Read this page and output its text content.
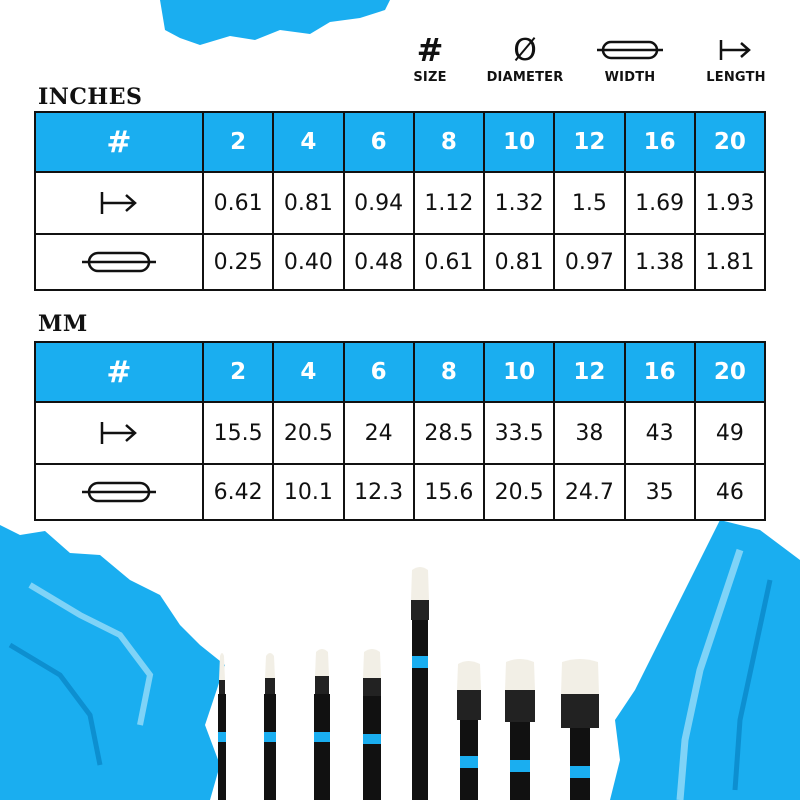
#
SIZE
Ø
DIAMETER	WIDTH	LENGTH
INCHES
#	2	4	6	8	10	12	16	20

	0.61	0.81	0.94	1.12	1.32	1.5	1.69	1.93

	0.25	0.40	0.48	0.61	0.81	0.97	1.38	1.81
MM
#	2	4	6	8	10	12	16	20

	15.5	20.5	24	28.5	33.5	38	43	49

	6.42	10.1	12.3	15.6	20.5	24.7	35	46
